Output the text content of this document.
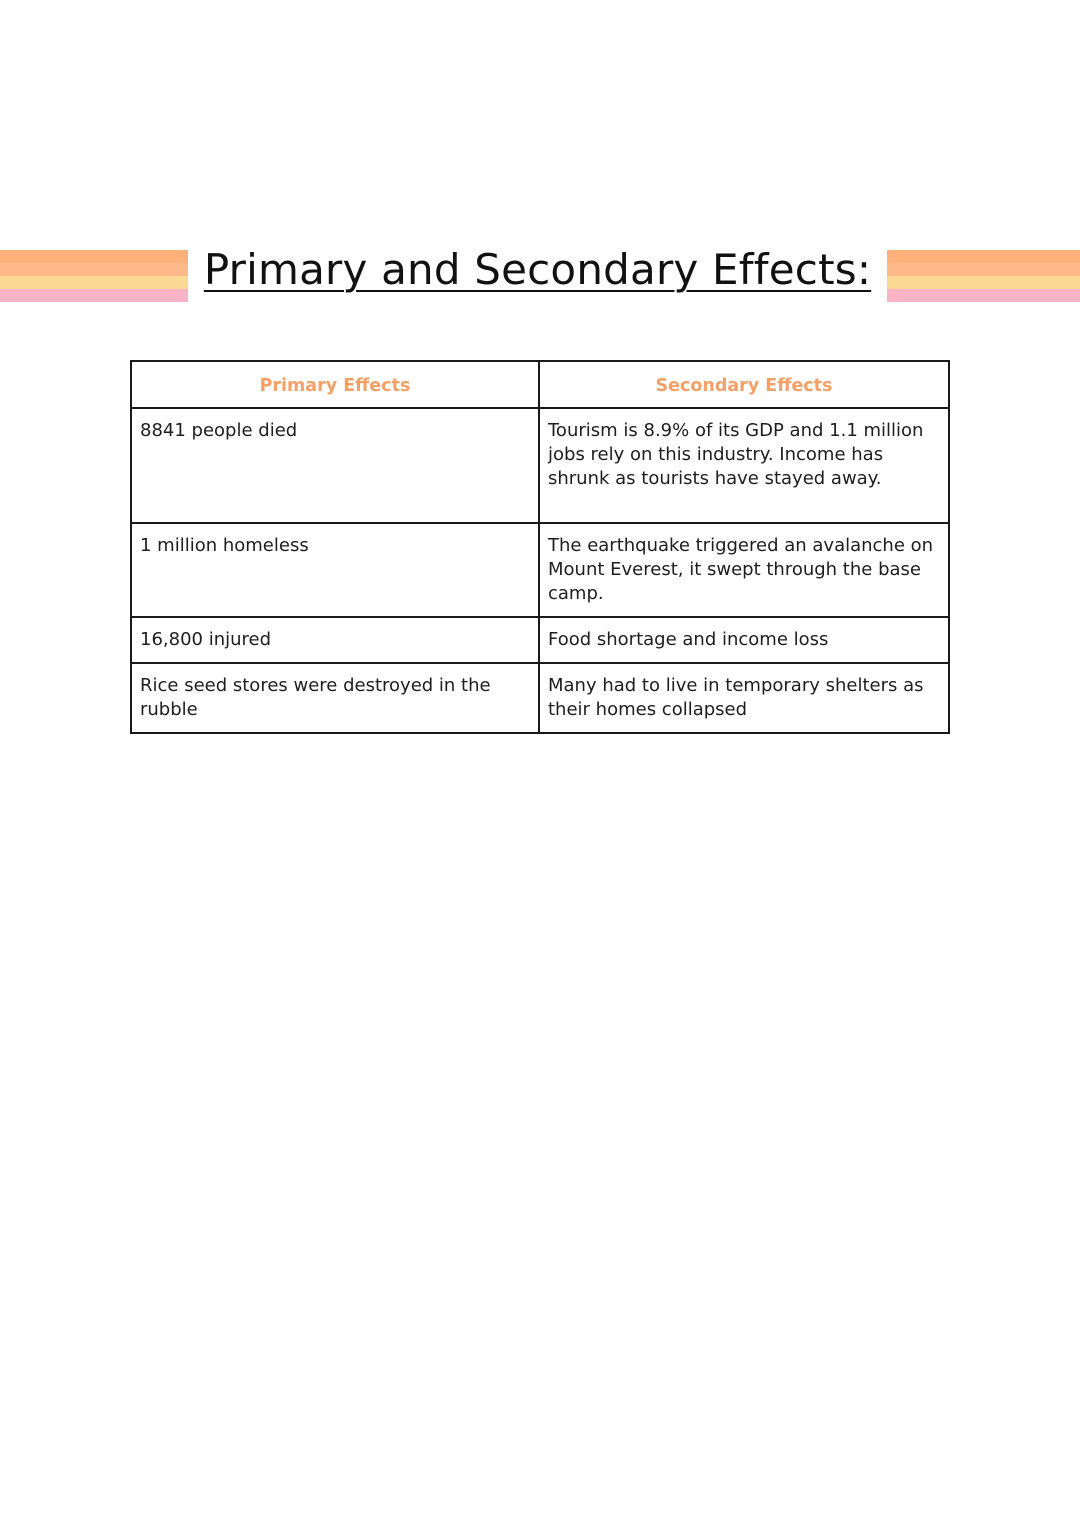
Primary and Secondary Effects:
Primary Effects	Secondary Effects
8841 people died	Tourism is 8.9% of its GDP and 1.1 million jobs rely on this industry. Income has shrunk as tourists have stayed away.
1 million homeless	The earthquake triggered an avalanche on Mount Everest, it swept through the base camp.
16,800 injured	Food shortage and income loss
Rice seed stores were destroyed in the rubble	Many had to live in temporary shelters as their homes collapsed
